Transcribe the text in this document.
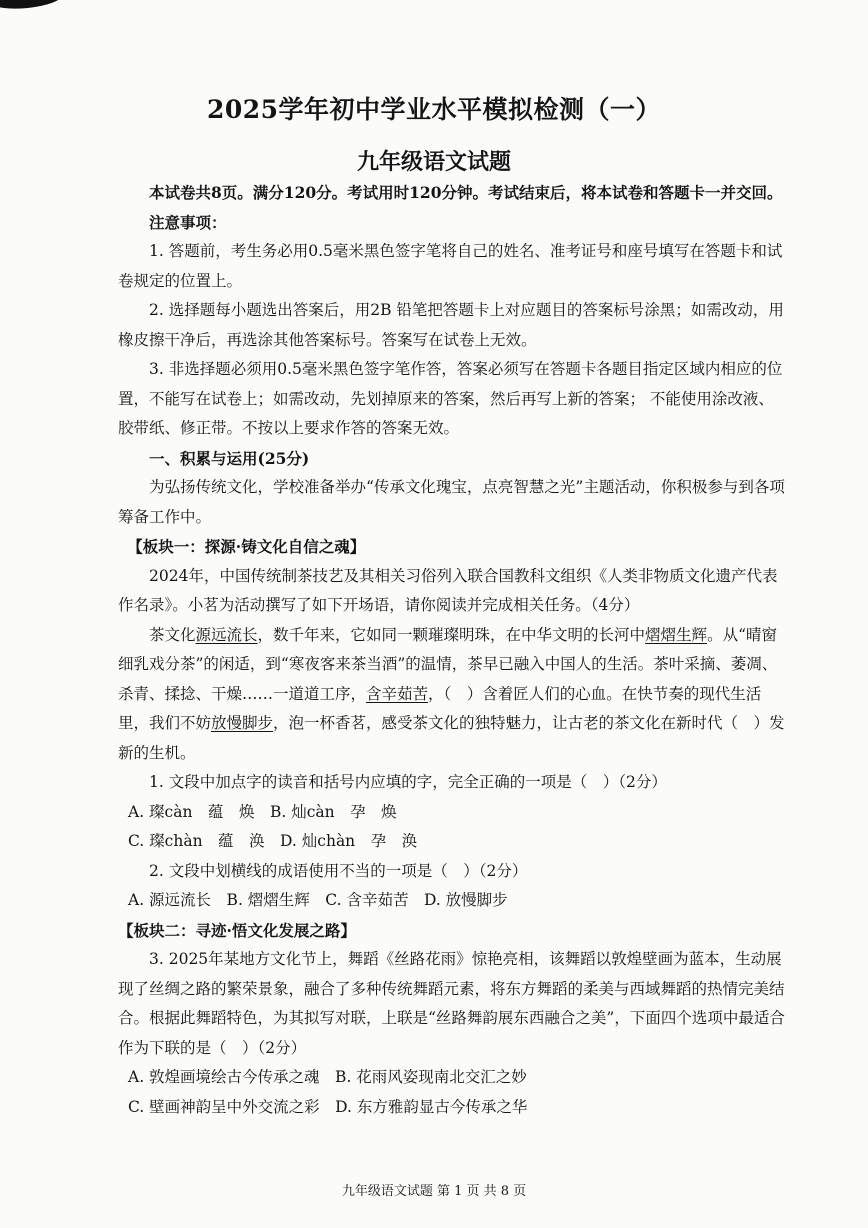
2025学年初中学业水平模拟检测（一）
九年级语文试题

本试卷共8页。满分120分。考试用时120分钟。考试结束后，将本试卷和答题卡一并交回。

注意事项：

1. 答题前，考生务必用0.5毫米黑色签字笔将自己的姓名、准考证号和座号填写在答题卡和试卷规定的位置上。

2. 选择题每小题选出答案后，用2B 铅笔把答题卡上对应题目的答案标号涂黑；如需改动，用橡皮擦干净后，再选涂其他答案标号。答案写在试卷上无效。

3. 非选择题必须用0.5毫米黑色签字笔作答，答案必须写在答题卡各题目指定区域内相应的位置，不能写在试卷上；如需改动，先划掉原来的答案，然后再写上新的答案； 不能使用涂改液、胶带纸、修正带。不按以上要求作答的答案无效。

一、积累与运用(25分)

为弘扬传统文化，学校准备举办“传承文化瑰宝，点亮智慧之光”主题活动，你积极参与到各项筹备工作中。

【板块一：探源·铸文化自信之魂】

2024年，中国传统制茶技艺及其相关习俗列入联合国教科文组织《人类非物质文化遗产代表作名录》。小茗为活动撰写了如下开场语，请你阅读并完成相关任务。（4分）

茶文化源远流长，数千年来，它如同一颗璀璨明珠，在中华文明的长河中熠熠生辉。从“晴窗细乳戏分茶”的闲适，到“寒夜客来茶当酒”的温情，茶早已融入中国人的生活。茶叶采摘、萎凋、杀青、揉捻、干燥……一道道工序，含辛茹苦，（　）含着匠人们的心血。在快节奏的现代生活里，我们不妨放慢脚步，泡一杯香茗，感受茶文化的独特魅力，让古老的茶文化在新时代（　）发新的生机。

1. 文段中加点字的读音和括号内应填的字，完全正确的一项是（　）（2分）

A. 璨càn　蕴　焕　B. 灿càn　孕　焕

C. 璨chàn　蕴　涣　D. 灿chàn　孕　涣

2. 文段中划横线的成语使用不当的一项是（　）（2分）

A. 源远流长　B. 熠熠生辉　C. 含辛茹苦　D. 放慢脚步

【板块二：寻迹·悟文化发展之路】

3. 2025年某地方文化节上，舞蹈《丝路花雨》惊艳亮相，该舞蹈以敦煌壁画为蓝本，生动展现了丝绸之路的繁荣景象，融合了多种传统舞蹈元素，将东方舞蹈的柔美与西域舞蹈的热情完美结合。根据此舞蹈特色，为其拟写对联，上联是“丝路舞韵展东西融合之美”，下面四个选项中最适合作为下联的是（　）（2分）

A. 敦煌画境绘古今传承之魂　B. 花雨风姿现南北交汇之妙

C. 壁画神韵呈中外交流之彩　D. 东方雅韵显古今传承之华

九年级语文试题 第 1 页 共 8 页
